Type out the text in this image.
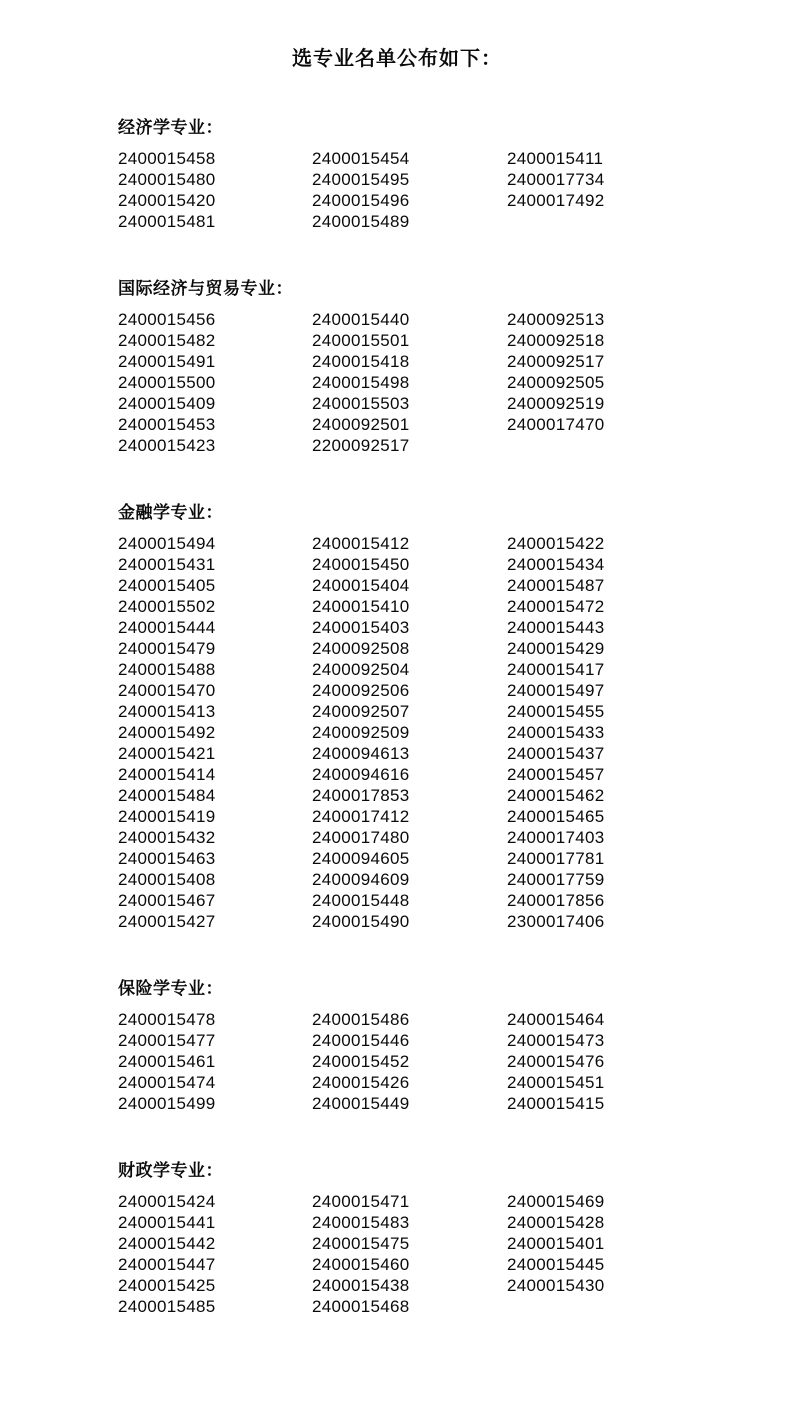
选专业名单公布如下：
经济学专业：
2400015458	2400015454	2400015411
2400015480	2400015495	2400017734
2400015420	2400015496	2400017492
2400015481	2400015489
国际经济与贸易专业：
2400015456	2400015440	2400092513
2400015482	2400015501	2400092518
2400015491	2400015418	2400092517
2400015500	2400015498	2400092505
2400015409	2400015503	2400092519
2400015453	2400092501	2400017470
2400015423	2200092517
金融学专业：
2400015494	2400015412	2400015422
2400015431	2400015450	2400015434
2400015405	2400015404	2400015487
2400015502	2400015410	2400015472
2400015444	2400015403	2400015443
2400015479	2400092508	2400015429
2400015488	2400092504	2400015417
2400015470	2400092506	2400015497
2400015413	2400092507	2400015455
2400015492	2400092509	2400015433
2400015421	2400094613	2400015437
2400015414	2400094616	2400015457
2400015484	2400017853	2400015462
2400015419	2400017412	2400015465
2400015432	2400017480	2400017403
2400015463	2400094605	2400017781
2400015408	2400094609	2400017759
2400015467	2400015448	2400017856
2400015427	2400015490	2300017406
保险学专业：
2400015478	2400015486	2400015464
2400015477	2400015446	2400015473
2400015461	2400015452	2400015476
2400015474	2400015426	2400015451
2400015499	2400015449	2400015415
财政学专业：
2400015424	2400015471	2400015469
2400015441	2400015483	2400015428
2400015442	2400015475	2400015401
2400015447	2400015460	2400015445
2400015425	2400015438	2400015430
2400015485	2400015468
